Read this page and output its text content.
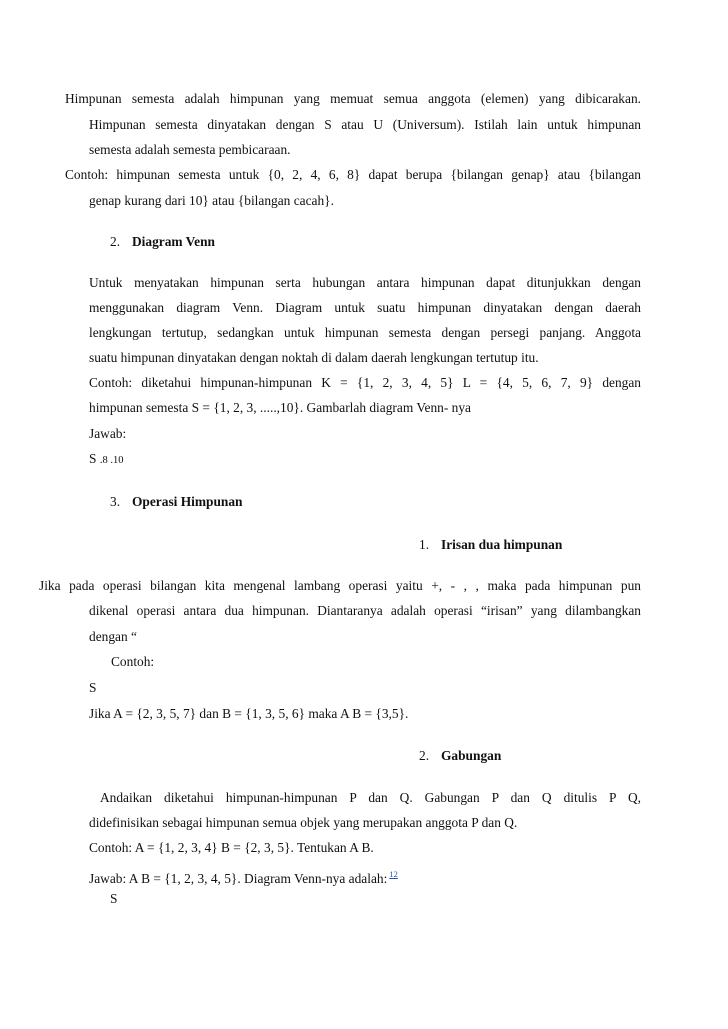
Himpunan semesta adalah himpunan yang memuat semua anggota (elemen) yang dibicarakan.
Himpunan semesta dinyatakan dengan S atau U (Universum). Istilah lain untuk himpunan
semesta adalah semesta pembicaraan.
Contoh: himpunan semesta untuk {0, 2, 4, 6, 8} dapat berupa {bilangan genap} atau {bilangan
genap kurang dari 10} atau {bilangan cacah}.
2. Diagram Venn
Untuk menyatakan himpunan serta hubungan antara himpunan dapat ditunjukkan dengan
menggunakan diagram Venn. Diagram untuk suatu himpunan dinyatakan dengan daerah
lengkungan tertutup, sedangkan untuk himpunan semesta dengan persegi panjang. Anggota
suatu himpunan dinyatakan dengan noktah di dalam daerah lengkungan tertutup itu.
Contoh: diketahui himpunan-himpunan K = {1, 2, 3, 4, 5} L = {4, 5, 6, 7, 9} dengan
himpunan semesta S = {1, 2, 3, .....,10}. Gambarlah diagram Venn- nya
Jawab:
S .8 .10
3. Operasi Himpunan
1. Irisan dua himpunan
Jika pada operasi bilangan kita mengenal lambang operasi yaitu +, - , , maka pada himpunan pun
dikenal operasi antara dua himpunan. Diantaranya adalah operasi “irisan” yang dilambangkan
dengan “
Contoh:
S
Jika A = {2, 3, 5, 7} dan B = {1, 3, 5, 6} maka A B = {3,5}.
2. Gabungan
Andaikan diketahui himpunan-himpunan P dan Q. Gabungan P dan Q ditulis P Q,
didefinisikan sebagai himpunan semua objek yang merupakan anggota P dan Q.
Contoh: A = {1, 2, 3, 4} B = {2, 3, 5}. Tentukan A B.
Jawab: A B = {1, 2, 3, 4, 5}. Diagram Venn-nya adalah: $^{12}$
S
